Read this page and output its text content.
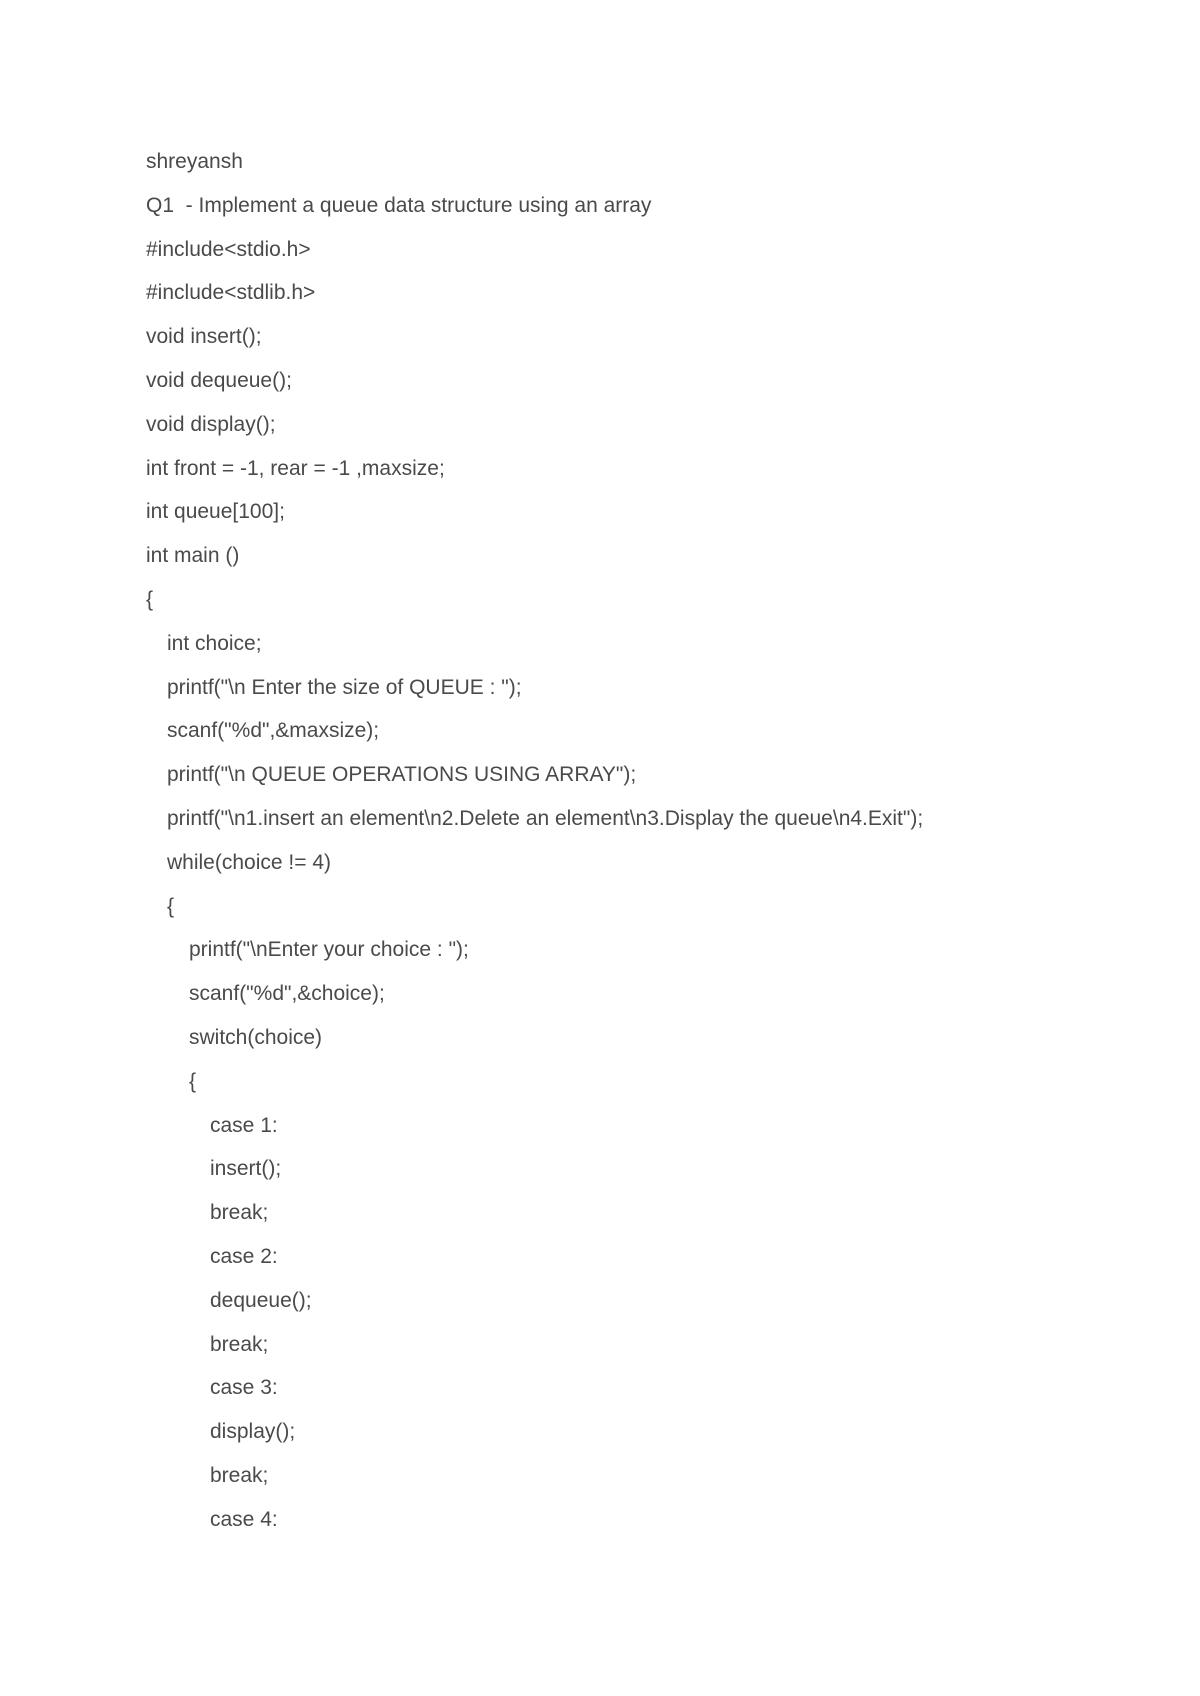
shreyansh

Q1  - Implement a queue data structure using an array

#include<stdio.h>

#include<stdlib.h>

void insert();

void dequeue();

void display();

int front = -1, rear = -1 ,maxsize;

int queue[100];

int main ()

{

int choice;

printf("\n Enter the size of QUEUE : ");

scanf("%d",&maxsize);

printf("\n QUEUE OPERATIONS USING ARRAY");

printf("\n1.insert an element\n2.Delete an element\n3.Display the queue\n4.Exit");

while(choice != 4)

{

printf("\nEnter your choice : ");

scanf("%d",&choice);

switch(choice)

{

case 1:

insert();

break;

case 2:

dequeue();

break;

case 3:

display();

break;

case 4:
